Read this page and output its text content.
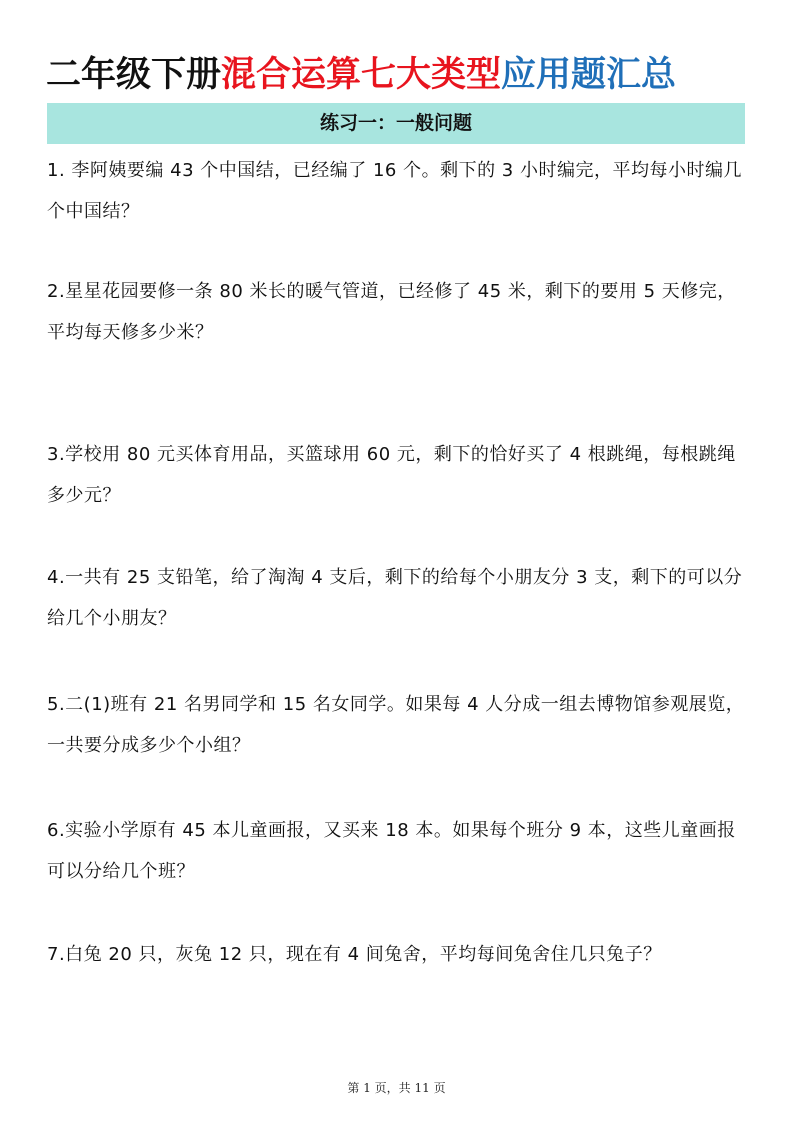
二年级下册混合运算七大类型应用题汇总
练习一：一般问题
1. 李阿姨要编 43 个中国结，已经编了 16 个。剩下的 3 小时编完，平均每小时编几个中国结？
2.星星花园要修一条 80 米长的暖气管道，已经修了 45 米，剩下的要用 5 天修完，平均每天修多少米？
3.学校用 80 元买体育用品，买篮球用 60 元，剩下的恰好买了 4 根跳绳，每根跳绳多少元？
4.一共有 25 支铅笔，给了淘淘 4 支后，剩下的给每个小朋友分 3 支，剩下的可以分给几个小朋友？
5.二(1)班有 21 名男同学和 15 名女同学。如果每 4 人分成一组去博物馆参观展览，一共要分成多少个小组？
6.实验小学原有 45 本儿童画报，又买来 18 本。如果每个班分 9 本，这些儿童画报可以分给几个班？
7.白兔 20 只，灰兔 12 只，现在有 4 间兔舍，平均每间兔舍住几只兔子？
第 1 页，共 11 页
